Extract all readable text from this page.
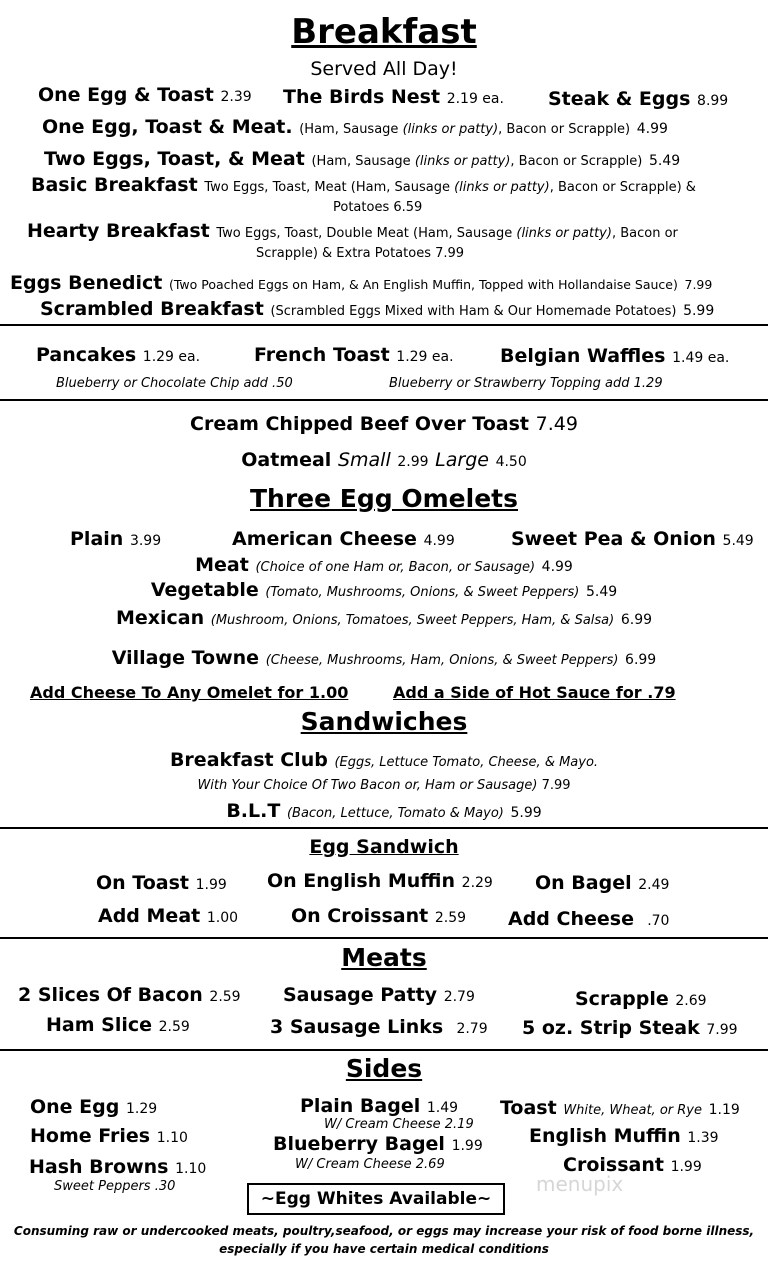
Breakfast
Served All Day!
One Egg & Toast 2.39 The Birds Nest 2.19 ea. Steak & Eggs 8.99
One Egg, Toast & Meat. (Ham, Sausage (links or patty), Bacon or Scrapple) 4.99
Two Eggs, Toast, & Meat (Ham, Sausage (links or patty), Bacon or Scrapple) 5.49
Basic Breakfast Two Eggs, Toast, Meat (Ham, Sausage (links or patty), Bacon or Scrapple) &
Potatoes 6.59
Hearty Breakfast Two Eggs, Toast, Double Meat (Ham, Sausage (links or patty), Bacon or
Scrapple) & Extra Potatoes 7.99
Eggs Benedict (Two Poached Eggs on Ham, & An English Muffin, Topped with Hollandaise Sauce) 7.99
Scrambled Breakfast (Scrambled Eggs Mixed with Ham & Our Homemade Potatoes) 5.99
Pancakes 1.29 ea.	French Toast 1.29 ea. Belgian Waffles 1.49 ea.
Blueberry or Chocolate Chip add .50	Blueberry or Strawberry Topping add 1.29
Cream Chipped Beef Over Toast 7.49
Oatmeal Small 2.99 Large 4.50
Three Egg Omelets
Plain 3.99	American Cheese 4.99	Sweet Pea & Onion 5.49
Meat (Choice of one Ham or, Bacon, or Sausage) 4.99
Vegetable (Tomato, Mushrooms, Onions, & Sweet Peppers) 5.49
Mexican (Mushroom, Onions, Tomatoes, Sweet Peppers, Ham, & Salsa) 6.99
Village Towne (Cheese, Mushrooms, Ham, Onions, & Sweet Peppers) 6.99
Add Cheese To Any Omelet for 1.00	Add a Side of Hot Sauce for .79
Sandwiches
Breakfast Club (Eggs, Lettuce Tomato, Cheese, & Mayo.
With Your Choice Of Two Bacon or, Ham or Sausage) 7.99
B.L.T (Bacon, Lettuce, Tomato & Mayo) 5.99
Egg Sandwich
On Toast 1.99 On English Muffin 2.29 On Bagel 2.49
Add Meat 1.00	On Croissant 2.59 Add Cheese .70
Meats
2 Slices Of Bacon 2.59 Sausage Patty 2.79	Scrapple 2.69
Ham Slice 2.59	3 Sausage Links 2.79 5 oz. Strip Steak 7.99
Sides
One Egg 1.29
Home Fries 1.10
Hash Browns 1.10
Sweet Peppers .30
Plain Bagel 1.49
W/ Cream Cheese 2.19
Blueberry Bagel 1.99
W/ Cream Cheese 2.69
Toast White, Wheat, or Rye 1.19
English Muffin 1.39
Croissant 1.99
menupix
~Egg Whites Available~
Consuming raw or undercooked meats, poultry,seafood, or eggs may increase your risk of food borne illness,
especially if you have certain medical conditions
